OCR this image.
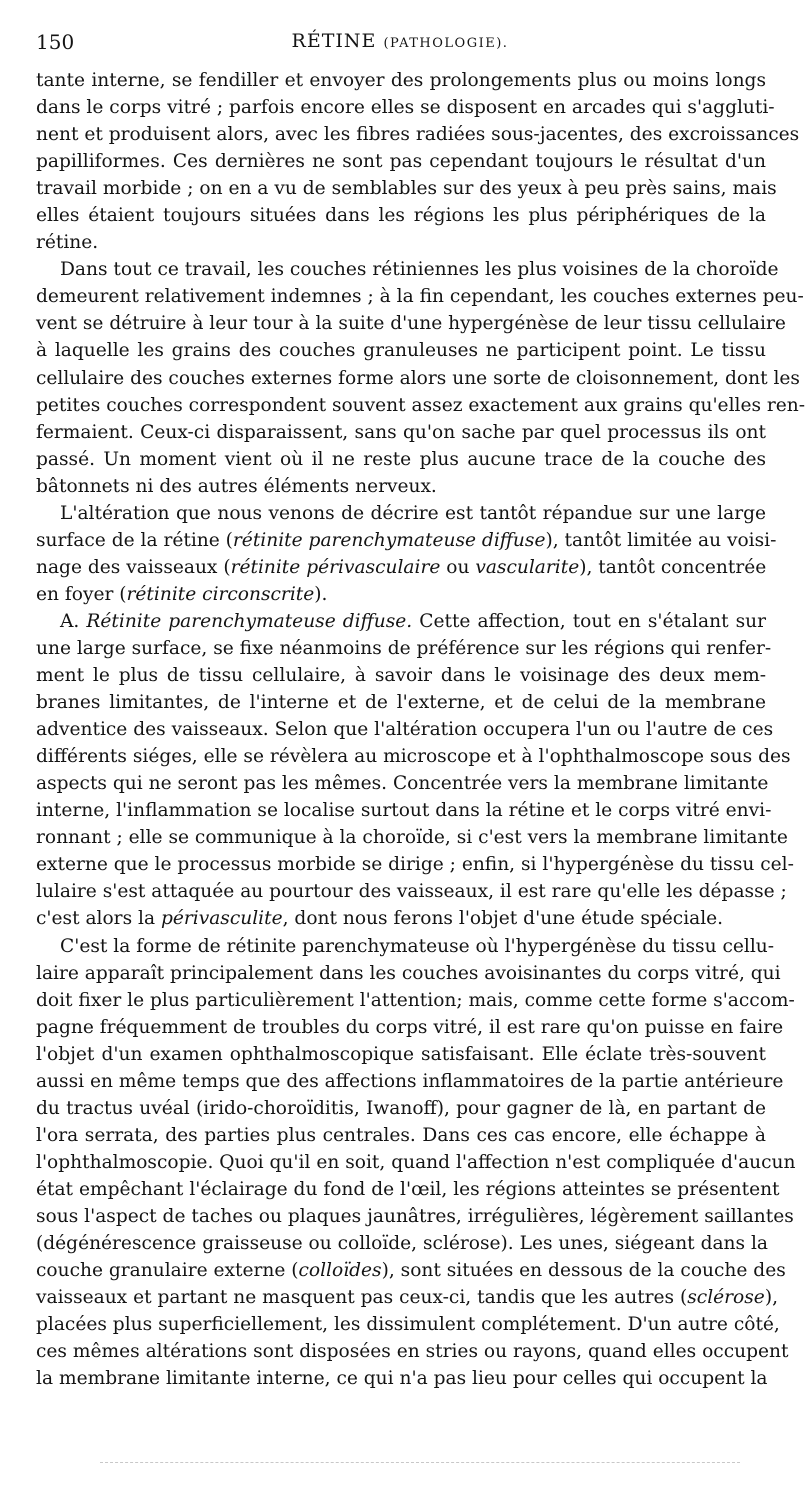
150	RÉTINE (PATHOLOGIE).
tante interne, se fendiller et envoyer des prolongements plus ou moins longs
dans le corps vitré ; parfois encore elles se disposent en arcades qui s'aggluti-
nent et produisent alors, avec les fibres radiées sous-jacentes, des excroissances
papilliformes. Ces dernières ne sont pas cependant toujours le résultat d'un
travail morbide ; on en a vu de semblables sur des yeux à peu près sains, mais
elles étaient toujours situées dans les régions les plus périphériques de la
rétine.
Dans tout ce travail, les couches rétiniennes les plus voisines de la choroïde
demeurent relativement indemnes ; à la fin cependant, les couches externes peu-
vent se détruire à leur tour à la suite d'une hypergénèse de leur tissu cellulaire
à laquelle les grains des couches granuleuses ne participent point. Le tissu
cellulaire des couches externes forme alors une sorte de cloisonnement, dont les
petites couches correspondent souvent assez exactement aux grains qu'elles ren-
fermaient. Ceux-ci disparaissent, sans qu'on sache par quel processus ils ont
passé. Un moment vient où il ne reste plus aucune trace de la couche des
bâtonnets ni des autres éléments nerveux.
L'altération que nous venons de décrire est tantôt répandue sur une large
surface de la rétine (rétinite parenchymateuse diffuse), tantôt limitée au voisi-
nage des vaisseaux (rétinite périvasculaire ou vascularite), tantôt concentrée
en foyer (rétinite circonscrite).
A. Rétinite parenchymateuse diffuse. Cette affection, tout en s'étalant sur
une large surface, se fixe néanmoins de préférence sur les régions qui renfer-
ment le plus de tissu cellulaire, à savoir dans le voisinage des deux mem-
branes limitantes, de l'interne et de l'externe, et de celui de la membrane
adventice des vaisseaux. Selon que l'altération occupera l'un ou l'autre de ces
différents siéges, elle se révèlera au microscope et à l'ophthalmoscope sous des
aspects qui ne seront pas les mêmes. Concentrée vers la membrane limitante
interne, l'inflammation se localise surtout dans la rétine et le corps vitré envi-
ronnant ; elle se communique à la choroïde, si c'est vers la membrane limitante
externe que le processus morbide se dirige ; enfin, si l'hypergénèse du tissu cel-
lulaire s'est attaquée au pourtour des vaisseaux, il est rare qu'elle les dépasse ;
c'est alors la périvasculite, dont nous ferons l'objet d'une étude spéciale.
C'est la forme de rétinite parenchymateuse où l'hypergénèse du tissu cellu-
laire apparaît principalement dans les couches avoisinantes du corps vitré, qui
doit fixer le plus particulièrement l'attention; mais, comme cette forme s'accom-
pagne fréquemment de troubles du corps vitré, il est rare qu'on puisse en faire
l'objet d'un examen ophthalmoscopique satisfaisant. Elle éclate très-souvent
aussi en même temps que des affections inflammatoires de la partie antérieure
du tractus uvéal (irido-choroïditis, Iwanoff), pour gagner de là, en partant de
l'ora serrata, des parties plus centrales. Dans ces cas encore, elle échappe à
l'ophthalmoscopie. Quoi qu'il en soit, quand l'affection n'est compliquée d'aucun
état empêchant l'éclairage du fond de l'œil, les régions atteintes se présentent
sous l'aspect de taches ou plaques jaunâtres, irrégulières, légèrement saillantes
(dégénérescence graisseuse ou colloïde, sclérose). Les unes, siégeant dans la
couche granulaire externe (colloïdes), sont situées en dessous de la couche des
vaisseaux et partant ne masquent pas ceux-ci, tandis que les autres (sclérose),
placées plus superficiellement, les dissimulent complétement. D'un autre côté,
ces mêmes altérations sont disposées en stries ou rayons, quand elles occupent
la membrane limitante interne, ce qui n'a pas lieu pour celles qui occupent la
